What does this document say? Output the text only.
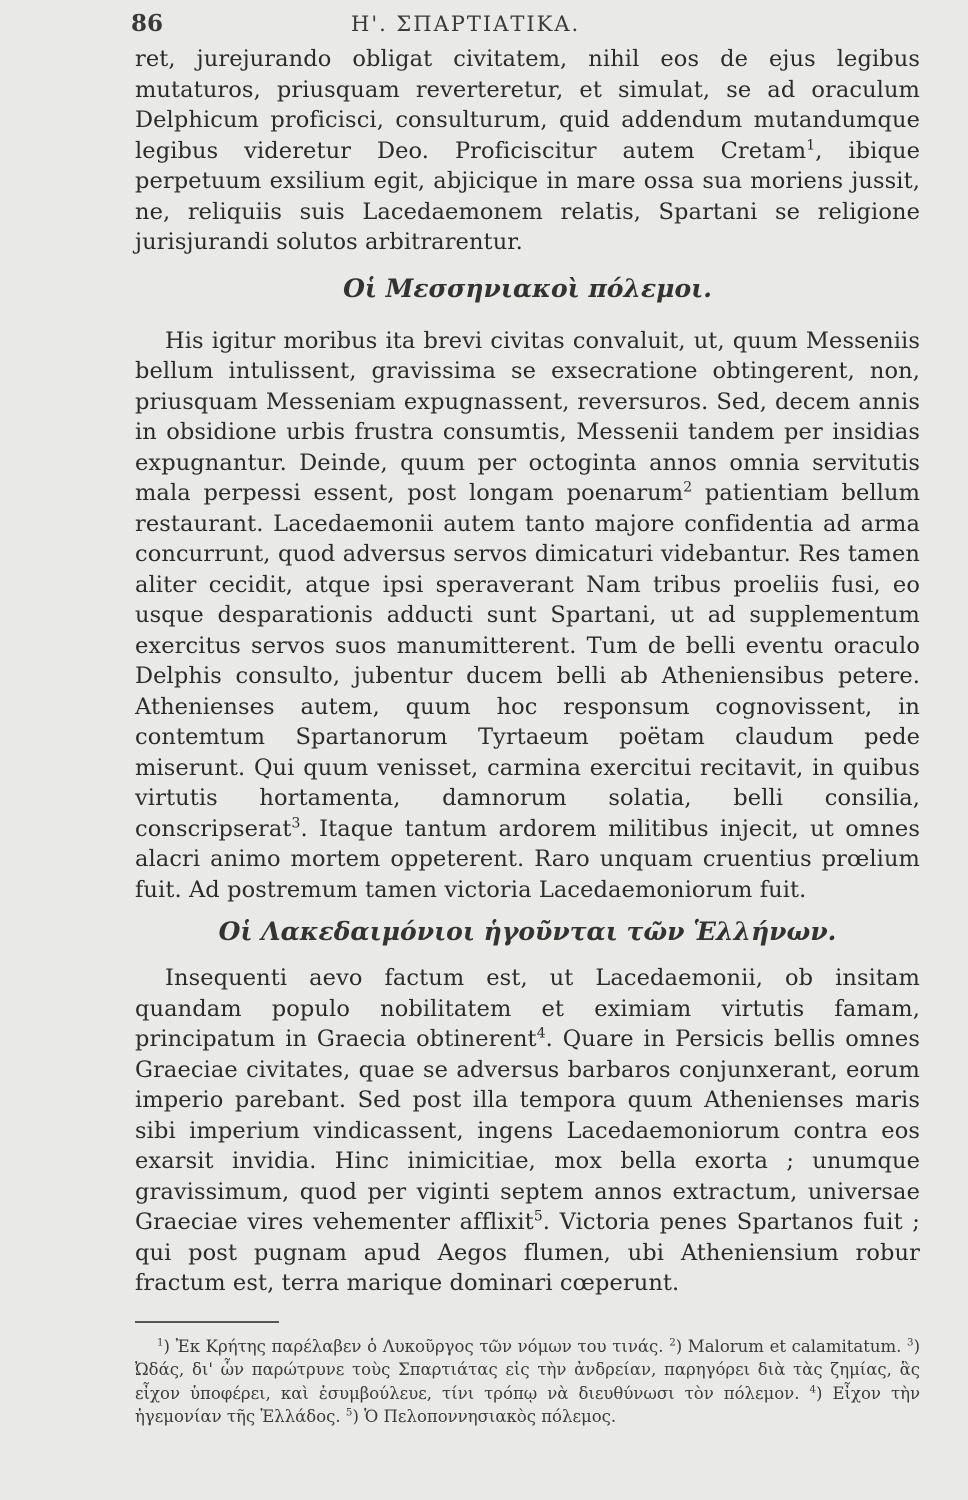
86	Η'. ΣΠΑΡΤΙΑΤΙΚΑ.

ret, jurejurando obligat civitatem, nihil eos de ejus legibus mutaturos, priusquam reverteretur, et simulat, se ad oraculum Delphicum proficisci, consulturum, quid addendum mutandumque legibus videretur Deo. Proficiscitur autem Cretam$^1$, ibique perpetuum exsilium egit, abjicique in mare ossa sua moriens jussit, ne, reliquiis suis Lacedaemonem relatis, Spartani se religione jurisjurandi solutos arbitrarentur.

Οἱ Μεσσηνιακοὶ πόλεμοι.

His igitur moribus ita brevi civitas convaluit, ut, quum Messeniis bellum intulissent, gravissima se exsecratione obtingerent, non, priusquam Messeniam expugnassent, reversuros. Sed, decem annis in obsidione urbis frustra consumtis, Messenii tandem per insidias expugnantur. Deinde, quum per octoginta annos omnia servitutis mala perpessi essent, post longam poenarum$^2$ patientiam bellum restaurant. Lacedaemonii autem tanto majore confidentia ad arma concurrunt, quod adversus servos dimicaturi videbantur. Res tamen aliter cecidit, atque ipsi speraverant Nam tribus proeliis fusi, eo usque desparationis adducti sunt Spartani, ut ad supplementum exercitus servos suos manumitterent. Tum de belli eventu oraculo Delphis consulto, jubentur ducem belli ab Atheniensibus petere. Athenienses autem, quum hoc responsum cognovissent, in contemtum Spartanorum Tyrtaeum poëtam claudum pede miserunt. Qui quum venisset, carmina exercitui recitavit, in quibus virtutis hortamenta, damnorum solatia, belli consilia, conscripserat$^3$. Itaque tantum ardorem militibus injecit, ut omnes alacri animo mortem oppeterent. Raro unquam cruentius prœlium fuit. Ad postremum tamen victoria Lacedaemoniorum fuit.

Οἱ Λακεδαιμόνιοι ἡγοῦνται τῶν Ἑλλήνων.

Insequenti aevo factum est, ut Lacedaemonii, ob insitam quandam populo nobilitatem et eximiam virtutis famam, principatum in Graecia obtinerent$^4$. Quare in Persicis bellis omnes Graeciae civitates, quae se adversus barbaros conjunxerant, eorum imperio parebant. Sed post illa tempora quum Athenienses maris sibi imperium vindicassent, ingens Lacedaemoniorum contra eos exarsit invidia. Hinc inimicitiae, mox bella exorta ; unumque gravissimum, quod per viginti septem annos extractum, universae Graeciae vires vehementer afflixit$^5$. Victoria penes Spartanos fuit ; qui post pugnam apud Aegos flumen, ubi Atheniensium robur fractum est, terra marique dominari cœperunt.

$^1$) Ἐκ Κρήτης παρέλαβεν ὁ Λυκοῦργος τῶν νόμων του τινάς. $^2$) Malorum et calamitatum. $^3$) Ὠδάς, δι' ὧν παρώτρυνε τοὺς Σπαρτιάτας εἰς τὴν ἀνδρείαν, παρηγόρει διὰ τὰς ζημίας, ἃς εἶχον ὑποφέρει, καὶ ἐσυμβούλευε, τίνι τρόπῳ νὰ διευθύνωσι τὸν πόλεμον. $^4$) Εἶχον τὴν ἡγεμονίαν τῆς Ἑλλάδος. $^5$) Ὁ Πελοποννησιακὸς πόλεμος.
